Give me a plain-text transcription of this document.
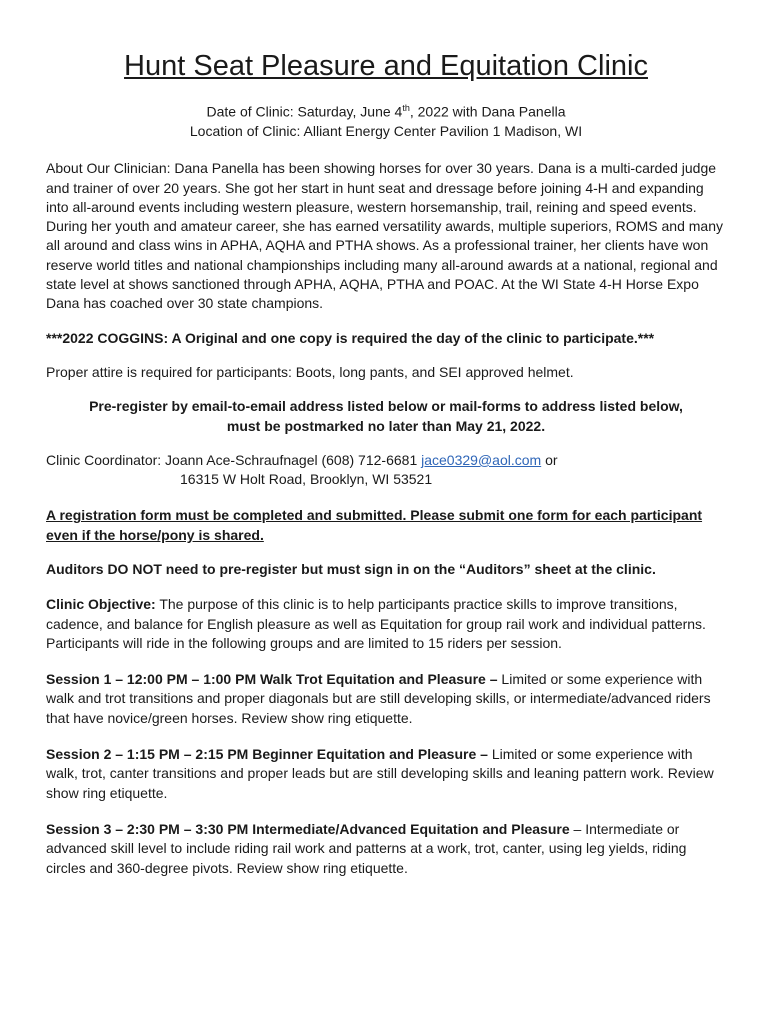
Hunt Seat Pleasure and Equitation Clinic
Date of Clinic: Saturday, June 4th, 2022 with Dana Panella
Location of Clinic: Alliant Energy Center Pavilion 1 Madison, WI

About Our Clinician: Dana Panella has been showing horses for over 30 years. Dana is a multi-carded judge and trainer of over 20 years. She got her start in hunt seat and dressage before joining 4-H and expanding into all-around events including western pleasure, western horsemanship, trail, reining and speed events. During her youth and amateur career, she has earned versatility awards, multiple superiors, ROMS and many all around and class wins in APHA, AQHA and PTHA shows. As a professional trainer, her clients have won reserve world titles and national championships including many all-around awards at a national, regional and state level at shows sanctioned through APHA, AQHA, PTHA and POAC. At the WI State 4-H Horse Expo Dana has coached over 30 state champions.

***2022 COGGINS: A Original and one copy is required the day of the clinic to participate.***

Proper attire is required for participants: Boots, long pants, and SEI approved helmet.

Pre-register by email-to-email address listed below or mail-forms to address listed below,
must be postmarked no later than May 21, 2022.
Clinic Coordinator: Joann Ace-Schraufnagel (608) 712-6681 jace0329@aol.com or
16315 W Holt Road, Brooklyn, WI 53521

A registration form must be completed and submitted. Please submit one form for each participant even if the horse/pony is shared.

Auditors DO NOT need to pre-register but must sign in on the “Auditors” sheet at the clinic.

Clinic Objective: The purpose of this clinic is to help participants practice skills to improve transitions, cadence, and balance for English pleasure as well as Equitation for group rail work and individual patterns. Participants will ride in the following groups and are limited to 15 riders per session.

Session 1 – 12:00 PM – 1:00 PM Walk Trot Equitation and Pleasure – Limited or some experience with walk and trot transitions and proper diagonals but are still developing skills, or intermediate/advanced riders that have novice/green horses. Review show ring etiquette.

Session 2 – 1:15 PM – 2:15 PM Beginner Equitation and Pleasure – Limited or some experience with walk, trot, canter transitions and proper leads but are still developing skills and leaning pattern work. Review show ring etiquette.

Session 3 – 2:30 PM – 3:30 PM Intermediate/Advanced Equitation and Pleasure – Intermediate or advanced skill level to include riding rail work and patterns at a work, trot, canter, using leg yields, riding circles and 360-degree pivots. Review show ring etiquette.
